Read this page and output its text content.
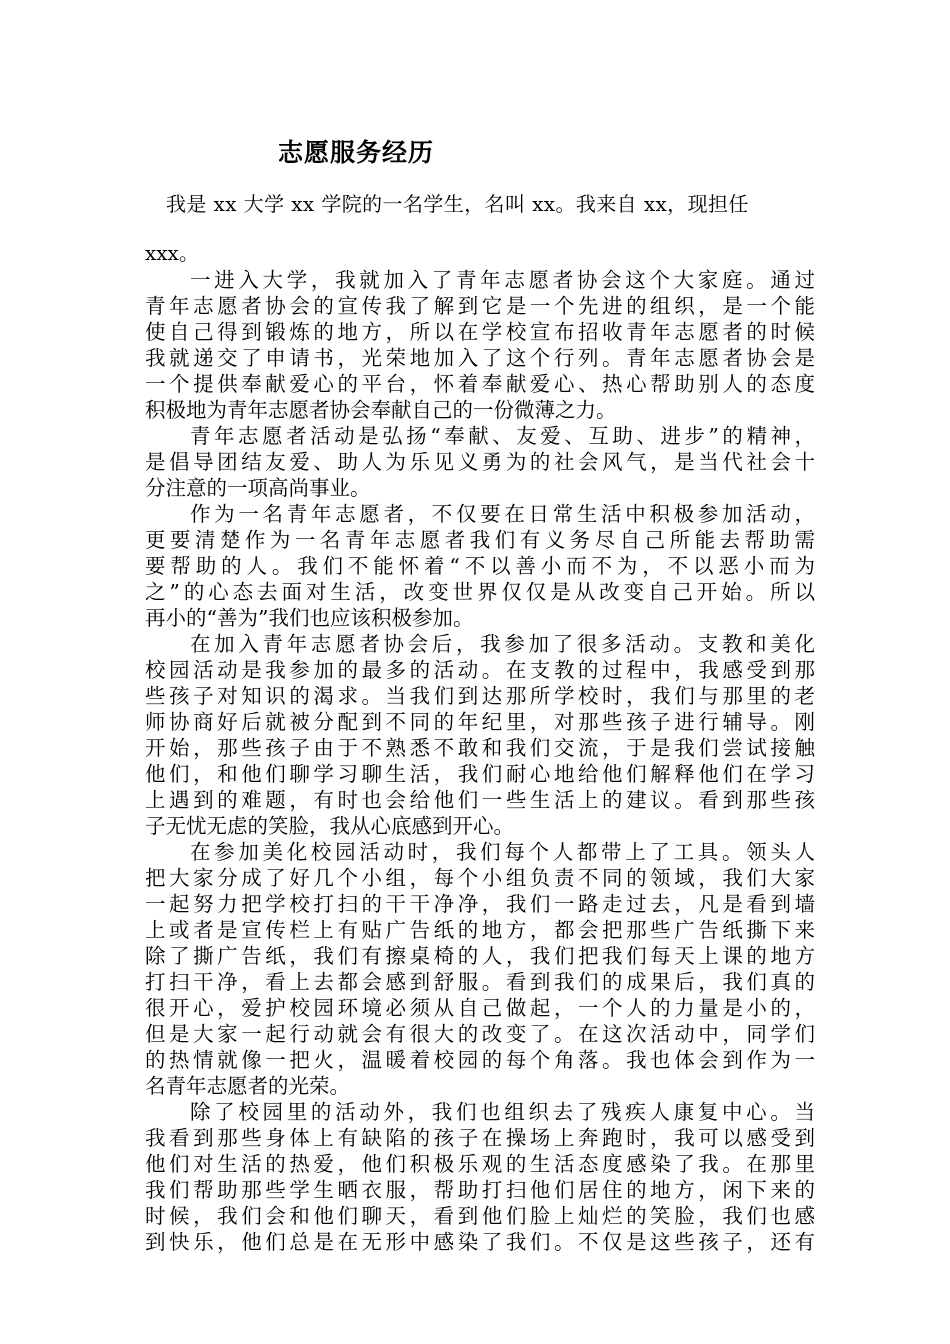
志愿服务经历
我是 xx 大学 xx 学院的一名学生，名叫 xx。我来自 xx，现担任
xxx。
一进入大学，我就加入了青年志愿者协会这个大家庭。通过
青年志愿者协会的宣传我了解到它是一个先进的组织，是一个能
使自己得到锻炼的地方，所以在学校宣布招收青年志愿者的时候
我就递交了申请书，光荣地加入了这个行列。青年志愿者协会是
一个提供奉献爱心的平台，怀着奉献爱心、热心帮助别人的态度
积极地为青年志愿者协会奉献自己的一份微薄之力。
青年志愿者活动是弘扬“奉献、友爱、互助、进步”的精神，
是倡导团结友爱、助人为乐见义勇为的社会风气，是当代社会十
分注意的一项高尚事业。
作为一名青年志愿者，不仅要在日常生活中积极参加活动，
更要清楚作为一名青年志愿者我们有义务尽自己所能去帮助需
要帮助的人。我们不能怀着“不以善小而不为，不以恶小而为
之”的心态去面对生活，改变世界仅仅是从改变自己开始。所以
再小的“善为”我们也应该积极参加。
在加入青年志愿者协会后，我参加了很多活动。支教和美化
校园活动是我参加的最多的活动。在支教的过程中，我感受到那
些孩子对知识的渴求。当我们到达那所学校时，我们与那里的老
师协商好后就被分配到不同的年纪里，对那些孩子进行辅导。刚
开始，那些孩子由于不熟悉不敢和我们交流，于是我们尝试接触
他们，和他们聊学习聊生活，我们耐心地给他们解释他们在学习
上遇到的难题，有时也会给他们一些生活上的建议。看到那些孩
子无忧无虑的笑脸，我从心底感到开心。
在参加美化校园活动时，我们每个人都带上了工具。领头人
把大家分成了好几个小组，每个小组负责不同的领域，我们大家
一起努力把学校打扫的干干净净，我们一路走过去，凡是看到墙
上或者是宣传栏上有贴广告纸的地方，都会把那些广告纸撕下来
除了撕广告纸，我们有擦桌椅的人，我们把我们每天上课的地方
打扫干净，看上去都会感到舒服。看到我们的成果后，我们真的
很开心，爱护校园环境必须从自己做起，一个人的力量是小的，
但是大家一起行动就会有很大的改变了。在这次活动中，同学们
的热情就像一把火，温暖着校园的每个角落。我也体会到作为一
名青年志愿者的光荣。
除了校园里的活动外，我们也组织去了残疾人康复中心。当
我看到那些身体上有缺陷的孩子在操场上奔跑时，我可以感受到
他们对生活的热爱，他们积极乐观的生活态度感染了我。在那里
我们帮助那些学生晒衣服，帮助打扫他们居住的地方，闲下来的
时候，我们会和他们聊天，看到他们脸上灿烂的笑脸，我们也感
到快乐，他们总是在无形中感染了我们。不仅是这些孩子，还有
